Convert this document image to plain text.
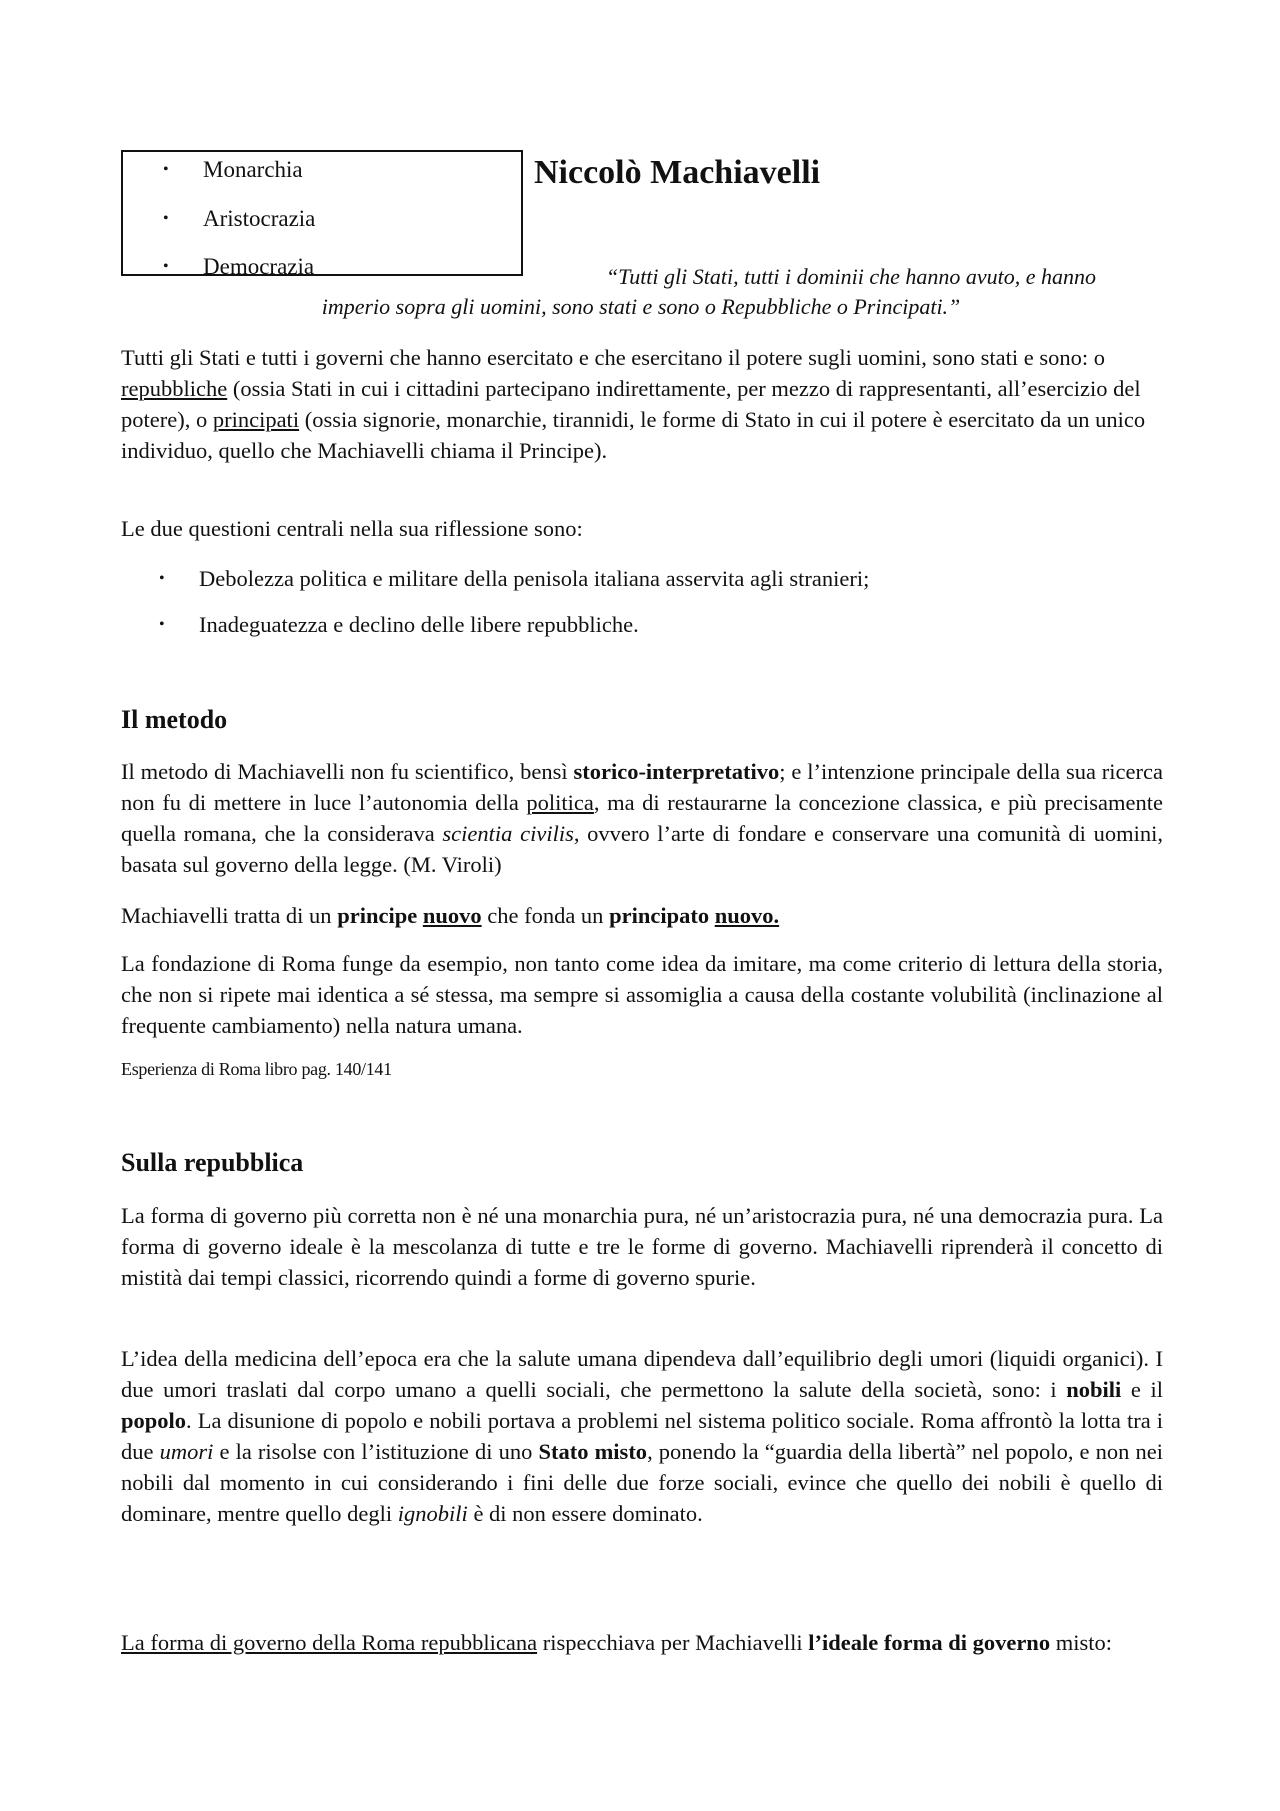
• Monarchia
• Aristocrazia
• Democrazia
Niccolò Machiavelli

“Tutti gli Stati, tutti i dominii che hanno avuto, e hanno
imperio sopra gli uomini, sono stati e sono o Repubbliche o Principati.”

Tutti gli Stati e tutti i governi che hanno esercitato e che esercitano il potere sugli uomini, sono stati e sono: o repubbliche (ossia Stati in cui i cittadini partecipano indirettamente, per mezzo di rappresentanti, all’esercizio del potere), o principati (ossia signorie, monarchie, tirannidi, le forme di Stato in cui il potere è esercitato da un unico individuo, quello che Machiavelli chiama il Principe).

Le due questioni centrali nella sua riflessione sono:

• Debolezza politica e militare della penisola italiana asservita agli stranieri;
• Inadeguatezza e declino delle libere repubbliche.
Il metodo

Il metodo di Machiavelli non fu scientifico, bensì storico-interpretativo; e l’intenzione principale della sua ricerca non fu di mettere in luce l’autonomia della politica, ma di restaurarne la concezione classica, e più precisamente quella romana, che la considerava scientia civilis, ovvero l’arte di fondare e conservare una comunità di uomini, basata sul governo della legge. (M. Viroli)

Machiavelli tratta di un principe nuovo che fonda un principato nuovo.

La fondazione di Roma funge da esempio, non tanto come idea da imitare, ma come criterio di lettura della storia, che non si ripete mai identica a sé stessa, ma sempre si assomiglia a causa della costante volubilità (inclinazione al frequente cambiamento) nella natura umana.

Esperienza di Roma libro pag. 140/141

Sulla repubblica

La forma di governo più corretta non è né una monarchia pura, né un’aristocrazia pura, né una democrazia pura. La forma di governo ideale è la mescolanza di tutte e tre le forme di governo. Machiavelli riprenderà il concetto di mistità dai tempi classici, ricorrendo quindi a forme di governo spurie.

L’idea della medicina dell’epoca era che la salute umana dipendeva dall’equilibrio degli umori (liquidi organici). I due umori traslati dal corpo umano a quelli sociali, che permettono la salute della società, sono: i nobili e il popolo. La disunione di popolo e nobili portava a problemi nel sistema politico sociale. Roma affrontò la lotta tra i due umori e la risolse con l’istituzione di uno Stato misto, ponendo la “guardia della libertà” nel popolo, e non nei nobili dal momento in cui considerando i fini delle due forze sociali, evince che quello dei nobili è quello di dominare, mentre quello degli ignobili è di non essere dominato.

La forma di governo della Roma repubblicana rispecchiava per Machiavelli l’ideale forma di governo misto:
